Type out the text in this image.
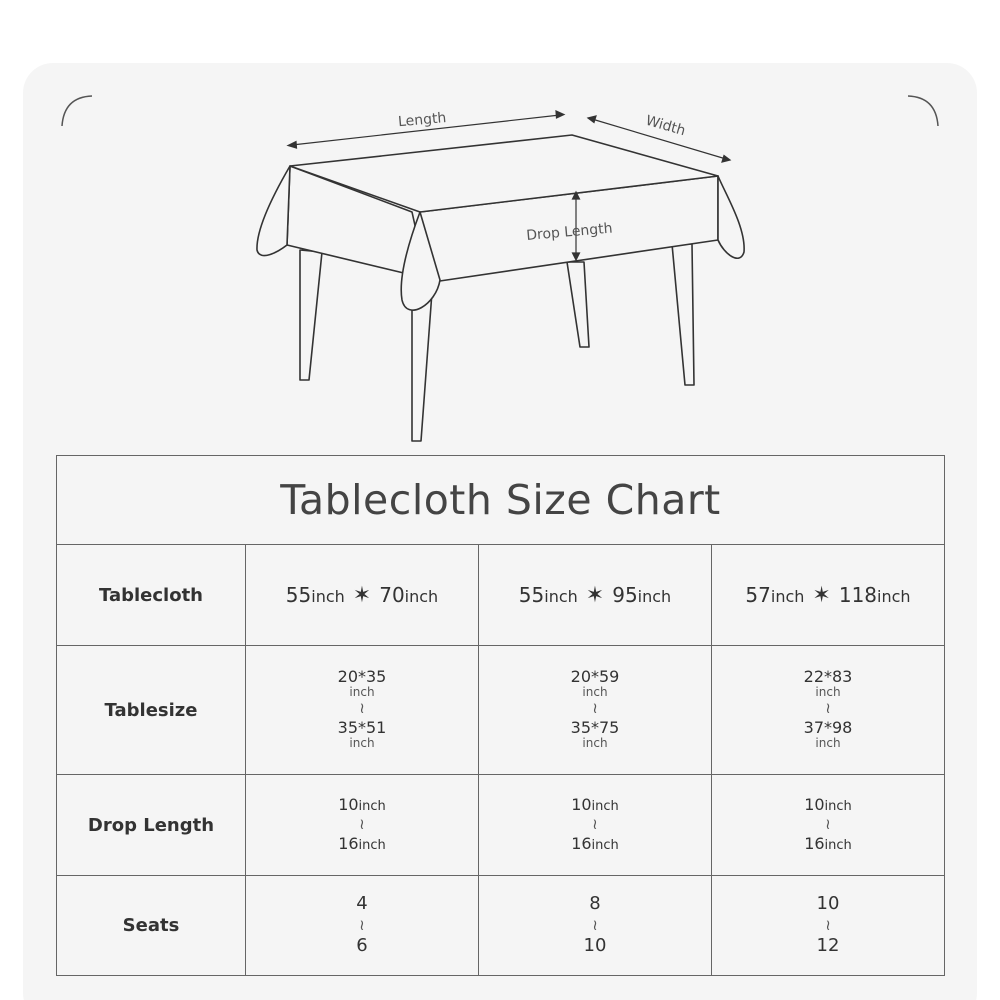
Length	Width
Drop Length
Tablecloth Size Chart			
Tablecloth	55inch ✶ 70inch	55inch ✶ 95inch	57inch ✶ 118inch
Tablesize	20*35
inch
≀
35*51
inch	20*59
inch
≀
35*75
inch	22*83
inch
≀
37*98
inch

Drop Length	10inch
≀
16inch	10inch
≀
16inch	10inch
≀
16inch

Seats	4
≀
6	8
≀
10	10
≀
12
